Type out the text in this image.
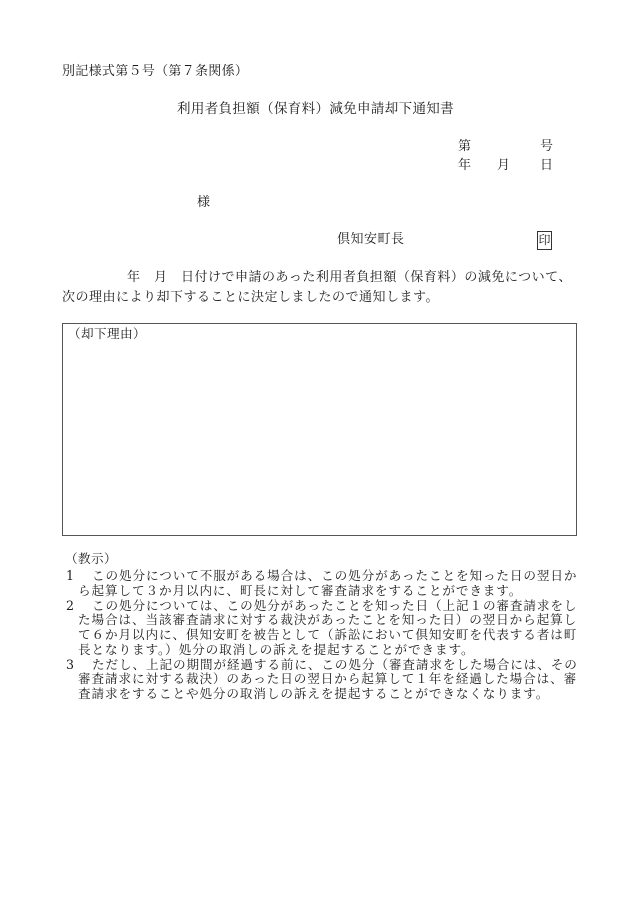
別記様式第５号（第７条関係）
利用者負担額（保育料）減免申請却下通知書
第	号
年 月 日
様
倶知安町長	印
年　月　日付けで申請のあった利用者負担額（保育料）の減免について、
次の理由により却下することに決定しましたので通知します。
（却下理由）
（教示）
1 この処分について不服がある場合は、この処分があったことを知った日の翌日か
ら起算して３か月以内に、町長に対して審査請求をすることができます。
2 この処分については、この処分があったことを知った日（上記１の審査請求をし
た場合は、当該審査請求に対する裁決があったことを知った日）の翌日から起算し
て６か月以内に、倶知安町を被告として（訴訟において倶知安町を代表する者は町
長となります。）処分の取消しの訴えを提起することができます。
3 ただし、上記の期間が経過する前に、この処分（審査請求をした場合には、その
審査請求に対する裁決）のあった日の翌日から起算して１年を経過した場合は、審
査請求をすることや処分の取消しの訴えを提起することができなくなります。
